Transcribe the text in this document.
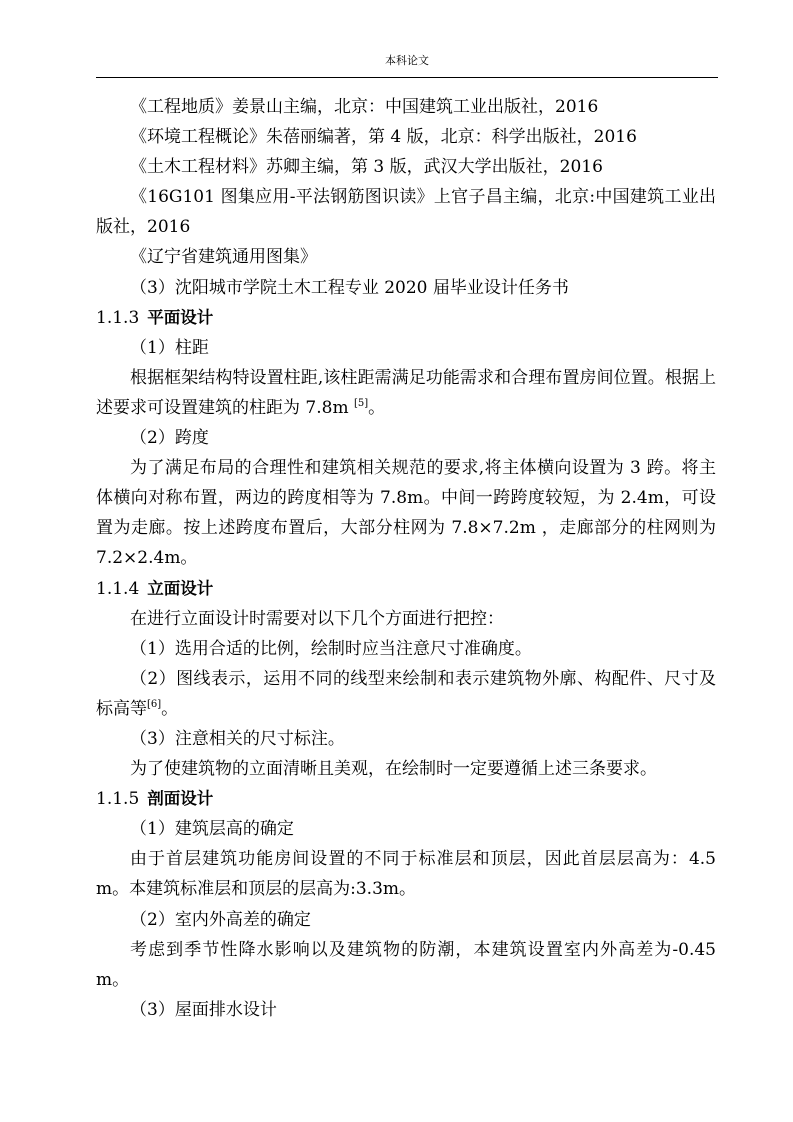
本科论文

《工程地质》姜景山主编，北京：中国建筑工业出版社，2016

《环境工程概论》朱蓓丽编著，第 4 版，北京：科学出版社，2016

《土木工程材料》苏卿主编，第 3 版，武汉大学出版社，2016

《16G101 图集应用-平法钢筋图识读》上官子昌主编，北京:中国建筑工业出版社，2016

《辽宁省建筑通用图集》

（3）沈阳城市学院土木工程专业 2020 届毕业设计任务书

1.1.3 平面设计

（1）柱距

根据框架结构特设置柱距,该柱距需满足功能需求和合理布置房间位置。根据上述要求可设置建筑的柱距为 7.8m [5]。

（2）跨度

为了满足布局的合理性和建筑相关规范的要求,将主体横向设置为 3 跨。将主体横向对称布置，两边的跨度相等为 7.8m。中间一跨跨度较短，为 2.4m，可设置为走廊。按上述跨度布置后，大部分柱网为 7.8×7.2m ，走廊部分的柱网则为 7.2×2.4m。

1.1.4 立面设计

在进行立面设计时需要对以下几个方面进行把控：

（1）选用合适的比例，绘制时应当注意尺寸准确度。

（2）图线表示，运用不同的线型来绘制和表示建筑物外廓、构配件、尺寸及标高等[6]。

（3）注意相关的尺寸标注。

为了使建筑物的立面清晰且美观，在绘制时一定要遵循上述三条要求。

1.1.5 剖面设计

（1）建筑层高的确定

由于首层建筑功能房间设置的不同于标准层和顶层，因此首层层高为：4.5m。本建筑标准层和顶层的层高为:3.3m。

（2）室内外高差的确定

考虑到季节性降水影响以及建筑物的防潮，本建筑设置室内外高差为-0.45m。

（3）屋面排水设计
